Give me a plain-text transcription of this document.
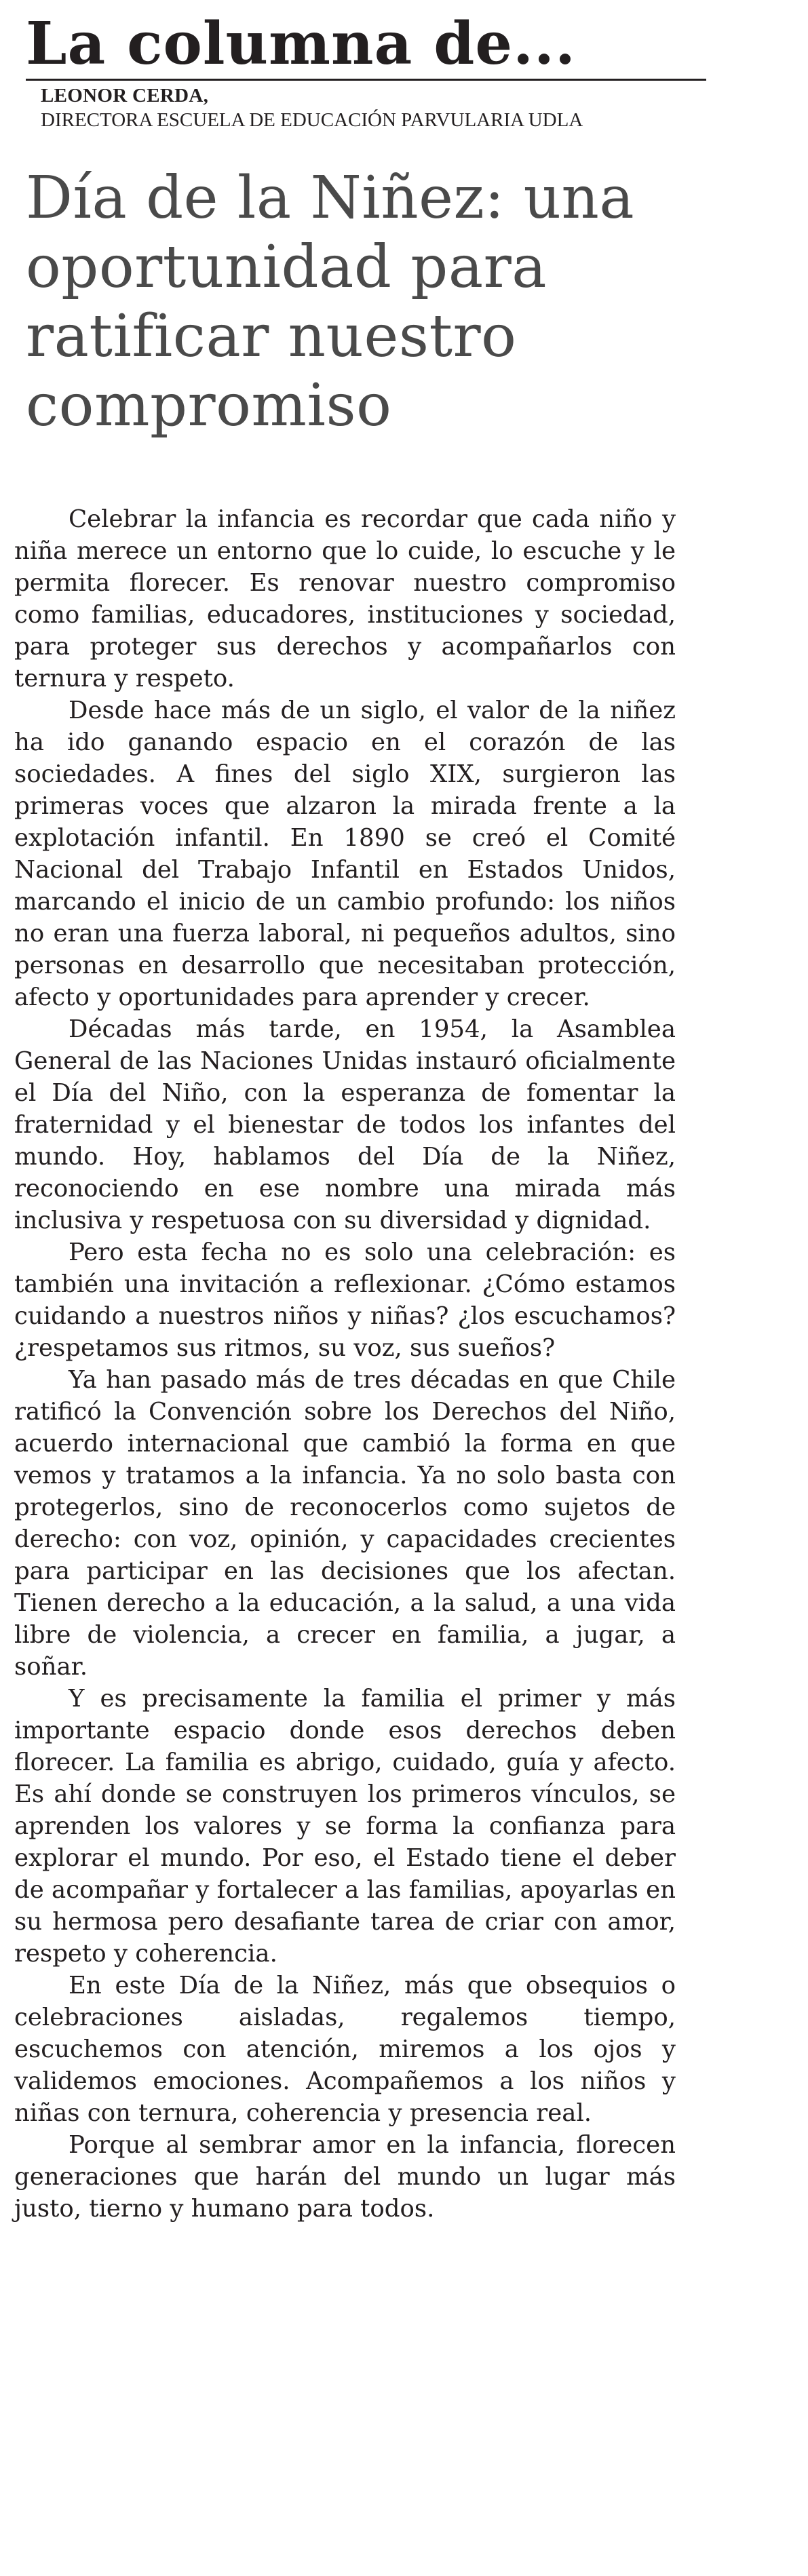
La columna de...
LEONOR CERDA,
DIRECTORA ESCUELA DE EDUCACIÓN PARVULARIA UDLA
Día de la Niñez: una oportunidad para ratificar nuestro compromiso

Celebrar la infancia es recordar que cada niño y niña merece un entorno que lo cuide, lo escuche y le permita florecer. Es renovar nuestro compromiso como familias, educadores, instituciones y sociedad, para proteger sus derechos y acompañarlos con ternura y respeto.

Desde hace más de un siglo, el valor de la niñez ha ido ganando espacio en el corazón de las sociedades. A fines del siglo XIX, surgieron las primeras voces que alzaron la mirada frente a la explotación infantil. En 1890 se creó el Comité Nacional del Trabajo Infantil en Estados Unidos, marcando el inicio de un cambio profundo: los niños no eran una fuerza laboral, ni pequeños adultos, sino personas en desarrollo que necesitaban protección, afecto y oportunidades para aprender y crecer.

Décadas más tarde, en 1954, la Asamblea General de las Naciones Unidas instauró oficialmente el Día del Niño, con la esperanza de fomentar la fraternidad y el bienestar de todos los infantes del mundo. Hoy, hablamos del Día de la Niñez, reconociendo en ese nombre una mirada más inclusiva y respetuosa con su diversidad y dignidad.

Pero esta fecha no es solo una celebración: es también una invitación a reflexionar. ¿Cómo estamos cuidando a nuestros niños y niñas? ¿los escuchamos? ¿respetamos sus ritmos, su voz, sus sueños?

Ya han pasado más de tres décadas en que Chile ratificó la Convención sobre los Derechos del Niño, acuerdo internacional que cambió la forma en que vemos y tratamos a la infancia. Ya no solo basta con protegerlos, sino de reconocerlos como sujetos de derecho: con voz, opinión, y capacidades crecientes para participar en las decisiones que los afectan. Tienen derecho a la educación, a la salud, a una vida libre de violencia, a crecer en familia, a jugar, a soñar.

Y es precisamente la familia el primer y más importante espacio donde esos derechos deben florecer. La familia es abrigo, cuidado, guía y afecto. Es ahí donde se construyen los primeros vínculos, se aprenden los valores y se forma la confianza para explorar el mundo. Por eso, el Estado tiene el deber de acompañar y fortalecer a las familias, apoyarlas en su hermosa pero desafiante tarea de criar con amor, respeto y coherencia.

En este Día de la Niñez, más que obsequios o celebraciones aisladas, regalemos tiempo, escuchemos con atención, miremos a los ojos y validemos emociones. Acompañemos a los niños y niñas con ternura, coherencia y presencia real.

Porque al sembrar amor en la infancia, florecen generaciones que harán del mundo un lugar más justo, tierno y humano para todos.
